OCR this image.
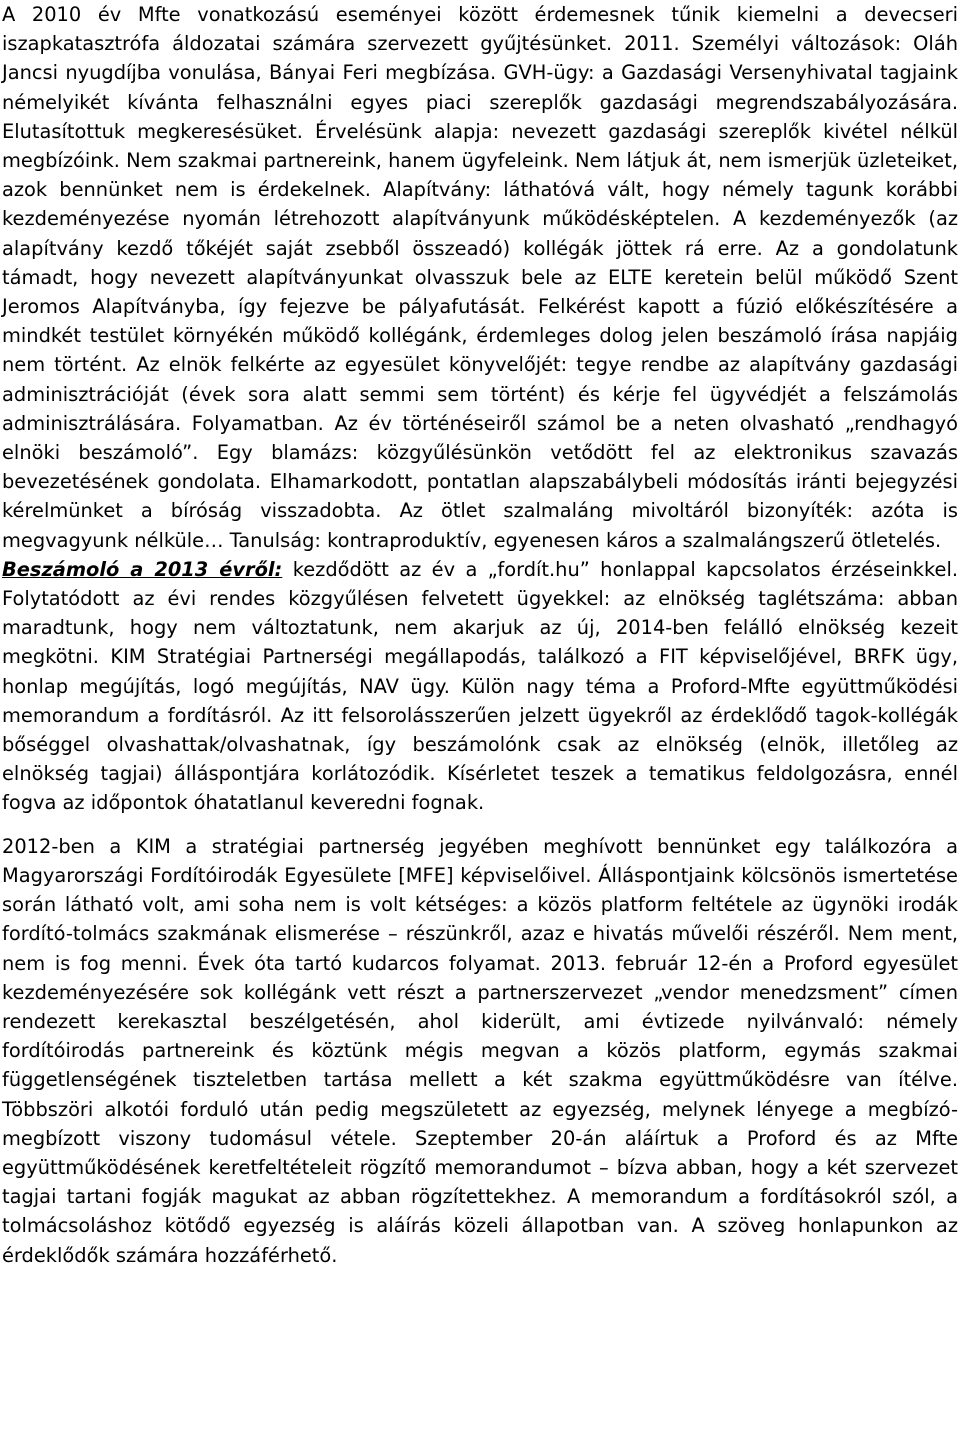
A 2010 év Mfte vonatkozású eseményei között érdemesnek tűnik kiemelni a devecseri iszapkatasztrófa áldozatai számára szervezett gyűjtésünket. 2011. Személyi változások: Oláh Jancsi nyugdíjba vonulása, Bányai Feri megbízása. GVH-ügy: a Gazdasági Versenyhivatal tagjaink némelyikét kívánta felhasználni egyes piaci szereplők gazdasági megrendszabályozására. Elutasítottuk megkeresésüket. Érvelésünk alapja: nevezett gazdasági szereplők kivétel nélkül megbízóink. Nem szakmai partnereink, hanem ügyfeleink. Nem látjuk át, nem ismerjük üzleteiket, azok bennünket nem is érdekelnek. Alapítvány: láthatóvá vált, hogy némely tagunk korábbi kezdeményezése nyomán létrehozott alapítványunk működésképtelen. A kezdeményezők (az alapítvány kezdő tőkéjét saját zsebből összeadó) kollégák jöttek rá erre. Az a gondolatunk támadt, hogy nevezett alapítványunkat olvasszuk bele az ELTE keretein belül működő Szent Jeromos Alapítványba, így fejezve be pályafutását. Felkérést kapott a fúzió előkészítésére a mindkét testület környékén működő kollégánk, érdemleges dolog jelen beszámoló írása napjáig nem történt. Az elnök felkérte az egyesület könyvelőjét: tegye rendbe az alapítvány gazdasági adminisztrációját (évek sora alatt semmi sem történt) és kérje fel ügyvédjét a felszámolás adminisztrálására. Folyamatban. Az év történéseiről számol be a neten olvasható „rendhagyó elnöki beszámoló”. Egy blamázs: közgyűlésünkön vetődött fel az elektronikus szavazás bevezetésének gondolata. Elhamarkodott, pontatlan alapszabálybeli módosítás iránti bejegyzési kérelmünket a bíróság visszadobta. Az ötlet szalmaláng mivoltáról bizonyíték: azóta is megvagyunk nélküle… Tanulság: kontraproduktív, egyenesen káros a szalmalángszerű ötletelés.

Beszámoló a 2013 évről: kezdődött az év a „fordít.hu” honlappal kapcsolatos érzéseinkkel. Folytatódott az évi rendes közgyűlésen felvetett ügyekkel: az elnökség taglétszáma: abban maradtunk, hogy nem változtatunk, nem akarjuk az új, 2014-ben felálló elnökség kezeit megkötni. KIM Stratégiai Partnerségi megállapodás, találkozó a FIT képviselőjével, BRFK ügy, honlap megújítás, logó megújítás, NAV ügy. Külön nagy téma a Proford-Mfte együttműködési memorandum a fordításról. Az itt felsorolásszerűen jelzett ügyekről az érdeklődő tagok-kollégák bőséggel olvashattak/olvashatnak, így beszámolónk csak az elnökség (elnök, illetőleg az elnökség tagjai) álláspontjára korlátozódik. Kísérletet teszek a tematikus feldolgozásra, ennél fogva az időpontok óhatatlanul keveredni fognak.

2012-ben a KIM a stratégiai partnerség jegyében meghívott bennünket egy találkozóra a Magyarországi Fordítóirodák Egyesülete [MFE] képviselőivel. Álláspontjaink kölcsönös ismertetése során látható volt, ami soha nem is volt kétséges: a közös platform feltétele az ügynöki irodák fordító-tolmács szakmának elismerése – részünkről, azaz e hivatás művelői részéről. Nem ment, nem is fog menni. Évek óta tartó kudarcos folyamat. 2013. február 12-én a Proford egyesület kezdeményezésére sok kollégánk vett részt a partnerszervezet „vendor menedzsment” címen rendezett kerekasztal beszélgetésén, ahol kiderült, ami évtizede nyilvánvaló: némely fordítóirodás partnereink és köztünk mégis megvan a közös platform, egymás szakmai függetlenségének tiszteletben tartása mellett a két szakma együttműködésre van ítélve. Többszöri alkotói forduló után pedig megszületett az egyezség, melynek lényege a megbízó-megbízott viszony tudomásul vétele. Szeptember 20-án aláírtuk a Proford és az Mfte együttműködésének keretfeltételeit rögzítő memorandumot – bízva abban, hogy a két szervezet tagjai tartani fogják magukat az abban rögzítettekhez. A memorandum a fordításokról szól, a tolmácsoláshoz kötődő egyezség is aláírás közeli állapotban van. A szöveg honlapunkon az érdeklődők számára hozzáférhető.
